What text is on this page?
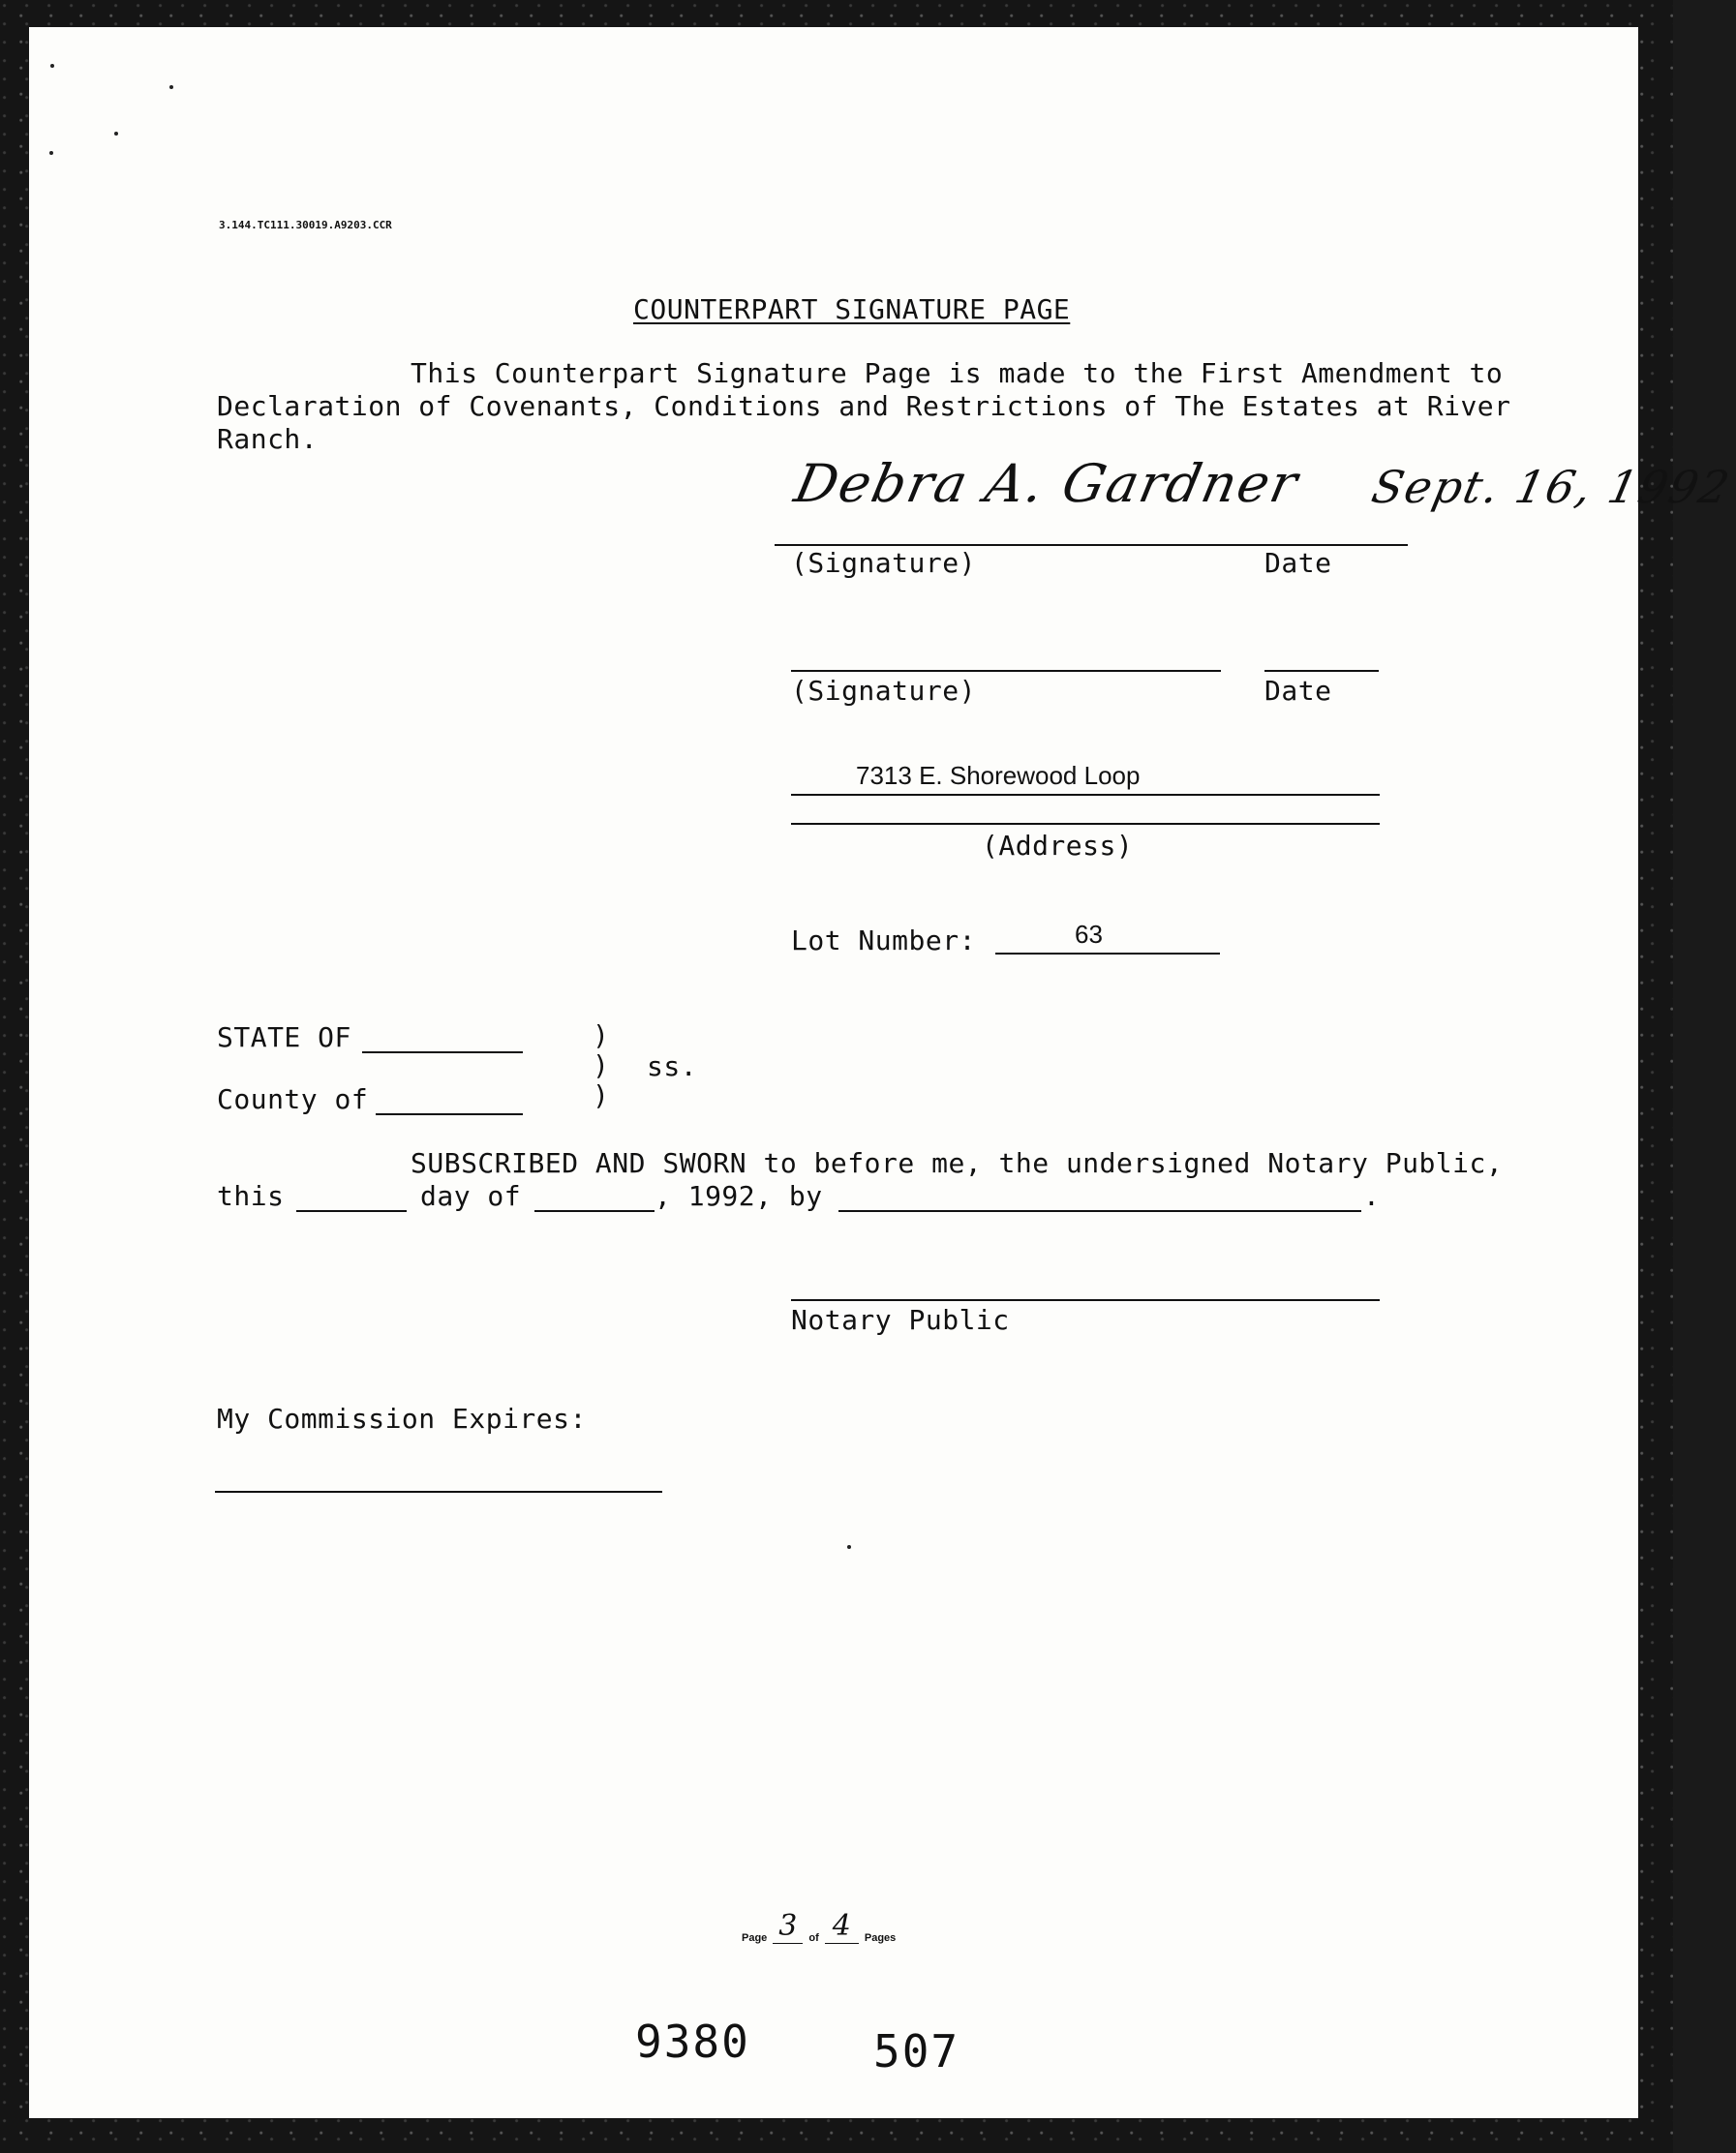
3.144.TC111.30019.A9203.CCR
COUNTERPART SIGNATURE PAGE
This Counterpart Signature Page is made to the First Amendment to
Declaration of Covenants, Conditions and Restrictions of The Estates at River
Ranch.
Debra A. Gardner Sept. 16, 1992
(Signature)	Date
(Signature)	Date
7313 E. Shorewood Loop
(Address)
Lot Number:	63
STATE OF
County of
)
)
)
ss.
SUBSCRIBED AND SWORN to before me, the undersigned Notary Public,
this	day of	, 1992, by	.
Notary Public
My Commission Expires:
Page 3	of 4	Pages
9380	507
